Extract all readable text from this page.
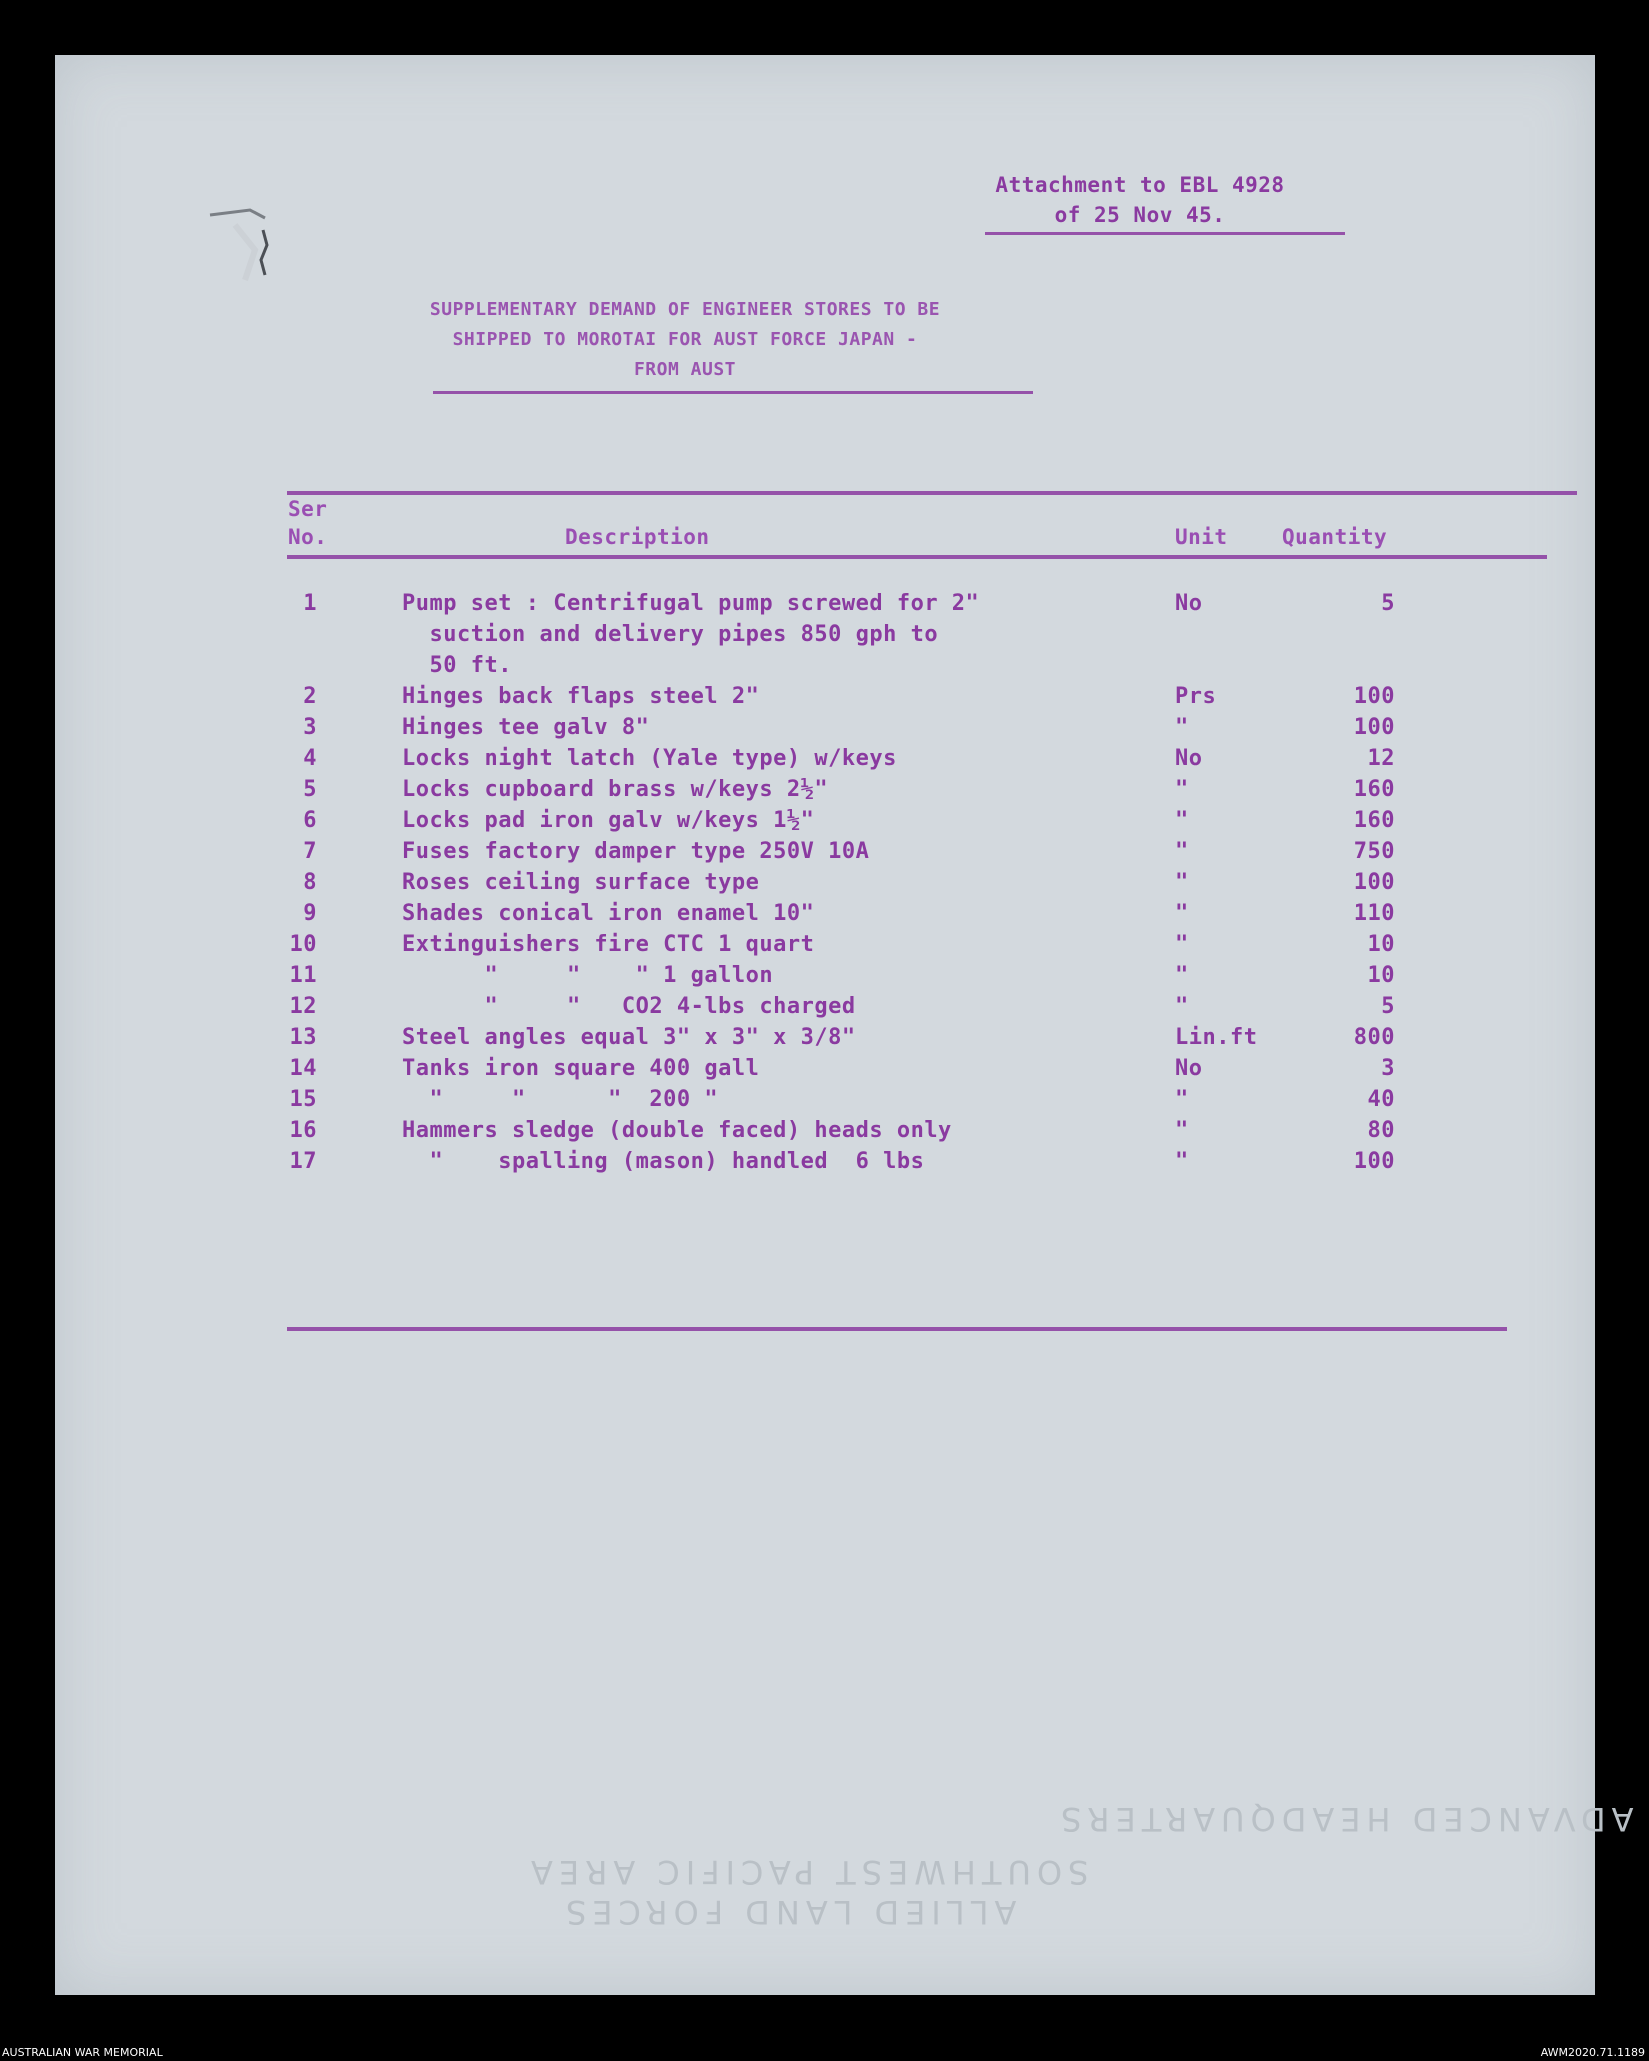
Attachment to EBL 4928
of 25 Nov 45.
SUPPLEMENTARY DEMAND OF ENGINEER STORES TO BE
SHIPPED TO MOROTAI FOR AUST FORCE JAPAN -
FROM AUST
Ser
No.	Description	Unit	Quantity
1	Pump set : Centrifugal pump screwed for 2"	No	5
suction and delivery pipes 850 gph to
50 ft.
2	Hinges back flaps steel 2"	Prs	100
3	Hinges tee galv 8"	"	100
4	Locks night latch (Yale type) w/keys	No	12
5	Locks cupboard brass w/keys 2½"	"	160
6	Locks pad iron galv w/keys 1½"	"	160
7	Fuses factory damper type 250V 10A	"	750
8	Roses ceiling surface type	"	100
9	Shades conical iron enamel 10"	"	110
10	Extinguishers fire CTC 1 quart	"	10
11	"     "    " 1 gallon	"	10
12	"     "   CO2 4-lbs charged	"	5
13	Steel angles equal 3" x 3" x 3/8"	Lin.ft	800
14	Tanks iron square 400 gall	No	3
15	"     "      "  200 "	"	40
16	Hammers sledge (double faced) heads only	"	80
17	"    spalling (mason) handled  6 lbs	"	100
ADVANCED HEADQUARTERS
SOUTHWEST PACIFIC AREA
ALLIED LAND FORCES
AUSTRALIAN WAR MEMORIAL	AWM2020.71.1189
